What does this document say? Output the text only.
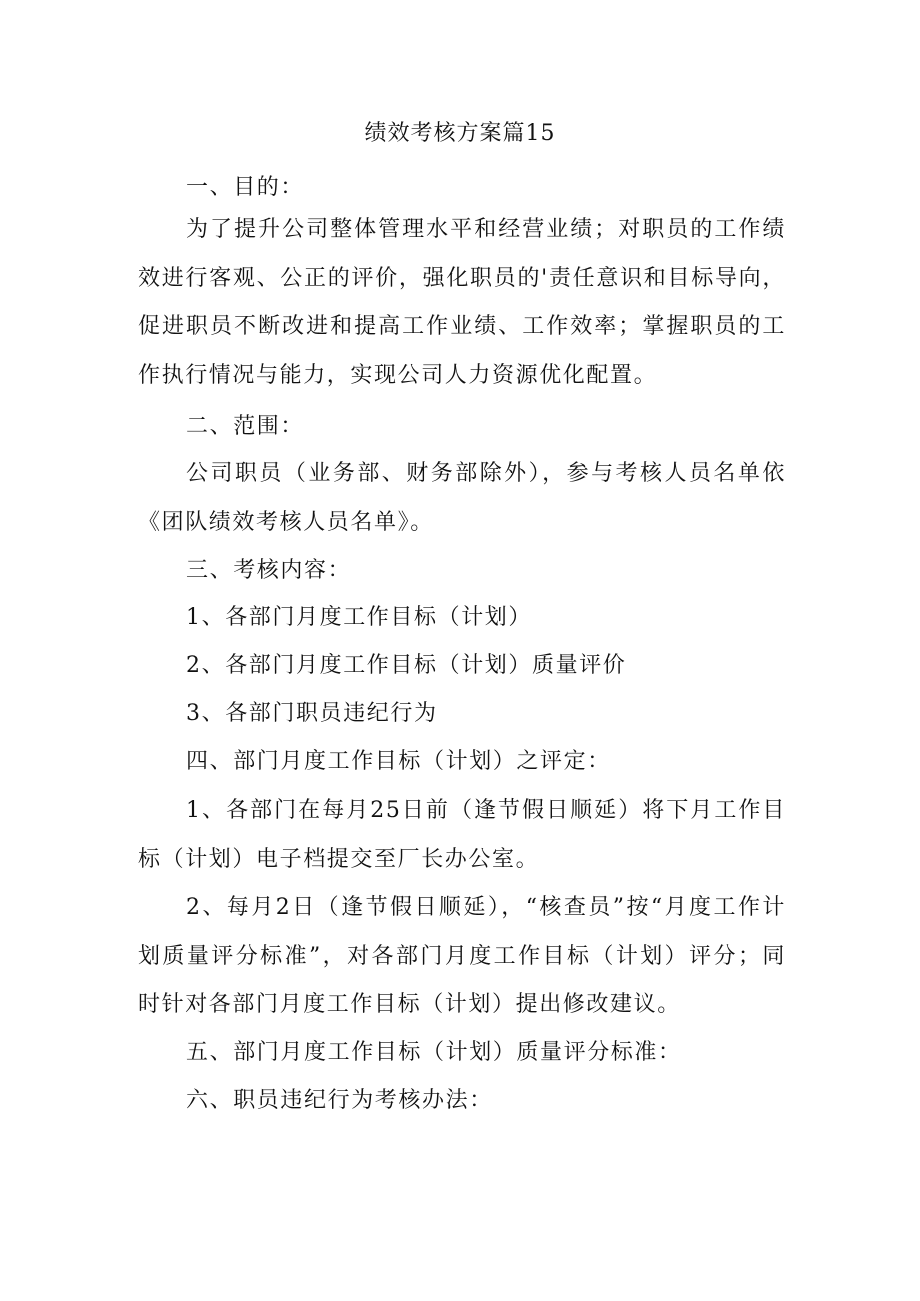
绩效考核方案篇15
一、目的：
为了提升公司整体管理水平和经营业绩；对职员的工作绩效进行客观、公正的评价，强化职员的'责任意识和目标导向，促进职员不断改进和提高工作业绩、工作效率；掌握职员的工作执行情况与能力，实现公司人力资源优化配置。
二、范围：
公司职员（业务部、财务部除外），参与考核人员名单依《团队绩效考核人员名单》。
三、考核内容：
1、各部门月度工作目标（计划）
2、各部门月度工作目标（计划）质量评价
3、各部门职员违纪行为
四、部门月度工作目标（计划）之评定：
1、各部门在每月25日前（逢节假日顺延）将下月工作目标（计划）电子档提交至厂长办公室。
2、每月2日（逢节假日顺延），“核查员”按“月度工作计划质量评分标准”，对各部门月度工作目标（计划）评分；同时针对各部门月度工作目标（计划）提出修改建议。
五、部门月度工作目标（计划）质量评分标准：
六、职员违纪行为考核办法：
